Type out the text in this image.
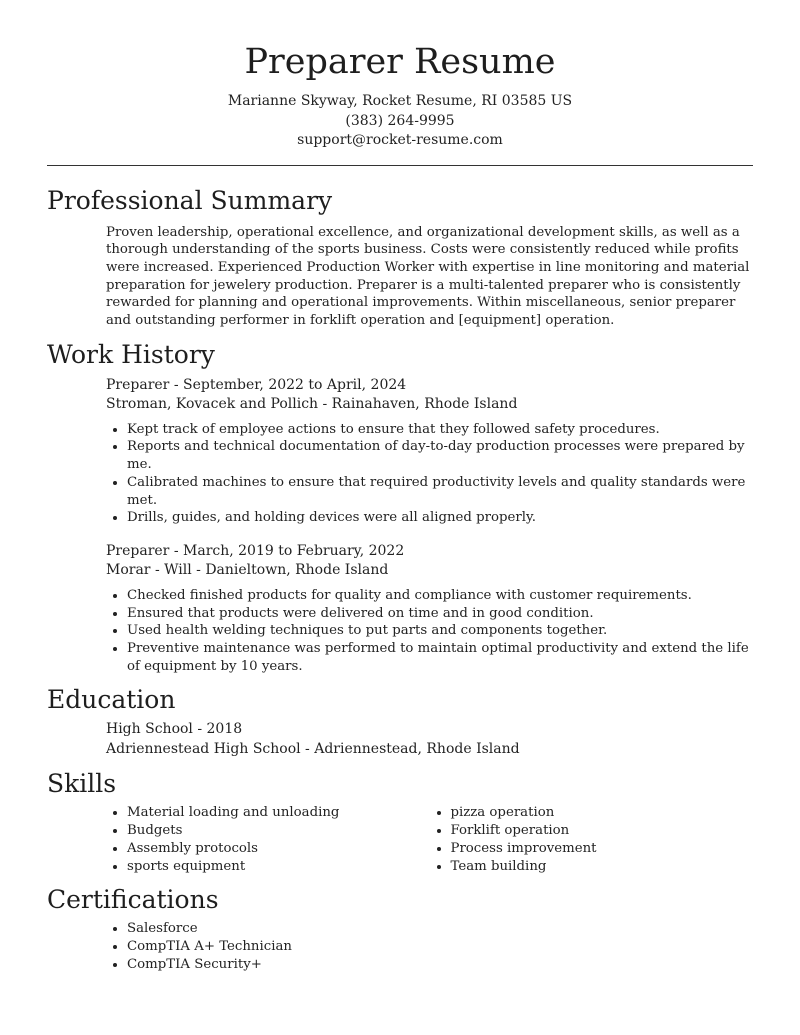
Preparer Resume
Marianne Skyway, Rocket Resume, RI 03585 US
(383) 264-9995
support@rocket-resume.com
Professional Summary
Proven leadership, operational excellence, and organizational development skills, as well as a thorough understanding of the sports business. Costs were consistently reduced while profits were increased. Experienced Production Worker with expertise in line monitoring and material preparation for jewelery production. Preparer is a multi-talented preparer who is consistently rewarded for planning and operational improvements. Within miscellaneous, senior preparer and outstanding performer in forklift operation and [equipment] operation.
Work History
Preparer - September, 2022 to April, 2024
Stroman, Kovacek and Pollich - Rainahaven, Rhode Island
• Kept track of employee actions to ensure that they followed safety procedures.
• Reports and technical documentation of day-to-day production processes were prepared by me.
• Calibrated machines to ensure that required productivity levels and quality standards were met.
• Drills, guides, and holding devices were all aligned properly.
Preparer - March, 2019 to February, 2022
Morar - Will - Danieltown, Rhode Island
• Checked finished products for quality and compliance with customer requirements.
• Ensured that products were delivered on time and in good condition.
• Used health welding techniques to put parts and components together.
• Preventive maintenance was performed to maintain optimal productivity and extend the life of equipment by 10 years.
Education
High School - 2018
Adriennestead High School - Adriennestead, Rhode Island
Skills
• Material loading and unloading
• Budgets
• Assembly protocols
• sports equipment
• pizza operation
• Forklift operation
• Process improvement
• Team building
Certifications
• Salesforce
• CompTIA A+ Technician
• CompTIA Security+
